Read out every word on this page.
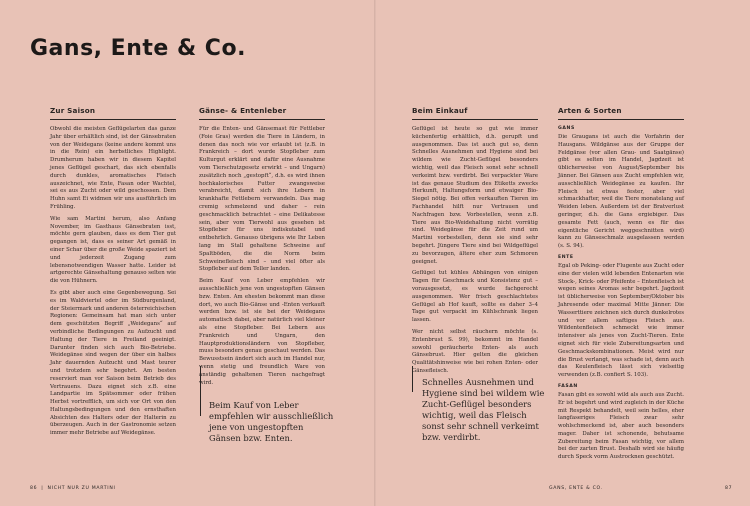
Gans, Ente & Co.
Zur Saison

Obwohl die meisten Geflügelarten das ganze Jahr über erhältlich sind, ist der Gänsebraten von der Weidegans (keine andere kommt uns in die Rein) ein herbstliches Highlight. Drumherum haben wir in diesem Kapitel jenes Geflügel geschart, das sich ebenfalls durch dunkles, aromatisches Fleisch auszeichnet, wie Ente, Fasan oder Wachtel, sei es aus Zucht oder wild geschossen. Dem Huhn samt Ei widmen wir uns ausführlich im Frühling.

Wie sam Martini herum, also Anfang November, im Gasthaus Gänsebraten isst, möchte gern glauben, dass es dem Tier gut gegangen ist, dass es seiner Art gemäß in einer Schar über die große Weide spaziert ist und jederzeit Zugang zum lebensnotwendigen Wasser hatte. Leider ist artgerechte Gänsehaltung genauso selten wie die von Hühnern.

Es gibt aber auch eine Gegenbewegung. Sei es im Waldviertel oder im Südburgenland, der Steiermark und anderen österreichischen Regionen: Gemeinsam hat man sich unter dem geschützten Begriff „Weidegans“ auf verbindliche Bedingungen zu Aufzucht und Haltung der Tiere in Freiland geeinigt. Darunter finden sich auch Bio-Betriebe. Weidegänse sind wegen der über ein halbes Jahr dauernden Aufzucht und Mast teurer und trotzdem sehr begehrt. Am besten reserviert man vor Saison beim Betrieb des Vertrauens. Dazu eignet sich z.B. eine Landpartie im Spätsommer oder frühen Herbst vortrefflich, um sich vor Ort von den Haltungsbedingungen und den ernsthaften Absichten des Halters oder der Halterin zu überzeugen. Auch in der Gastronomie setzen immer mehr Betriebe auf Weidegänse.

Gänse- & Entenleber

Für die Enten- und Gänsemast für Fettleber (Foie Gras) werden die Tiere in Ländern, in denen das noch wie vor erlaubt ist (z.B. in Frankreich – dort wurde Stopfleber zum Kulturgut erklärt und dafür eine Ausnahme vom Tierschutzgesetz erwirkt – und Ungarn) zusätzlich noch „gestopft“, d.h. es wird ihnen hochkalorisches Futter zwangsweise verabreicht, damit sich ihre Lebern in krankhafte Fettlebern verwandeln. Das mag cremig schmelzend und daher – rein geschmacklich betrachtet – eine Delikatesse sein, aber vom Tierwohl aus gesehen ist Stopfleber für uns indiskutabel und entbehrlich. Genauso übrigens wie Ihr Leben lang im Stall gehaltene Schweine auf Spaltböden, die die Norm beim Schweinefleisch sind – und viel öfter als Stopfleber auf dem Teller landen.

Beim Kauf von Leber empfehlen wir ausschließlich jene von ungestopften Gänsen bzw. Enten. Am ehesten bekommt man diese dort, wo auch Bio-Gänse und -Enten verkauft werden bzw. ist sie bei der Weidegans automatisch dabei, aber natürlich viel kleiner als eine Stopfleber. Bei Lebern aus Frankreich und Ungarn, den Hauptproduktionsländern von Stopfleber, muss besonders genau geschaut werden. Das Bewusstsein ändert sich auch im Handel nur, wenn stetig und freundlich Ware von anständig gehaltenen Tieren nachgefragt wird.

Beim Kauf von Leber empfehlen wir ausschließlich jene von ungestopften Gänsen bzw. Enten.
Beim Einkauf

Geflügel ist heute so gut wie immer küchenfertig erhältlich, d.h. gerupft und ausgenommen. Das ist auch gut so, denn Schnelles Ausnehmen und Hygiene sind bei wildem wie Zucht-Geflügel besonders wichtig, weil das Fleisch sonst sehr schnell verkeimt bzw. verdirbt. Bei verpackter Ware ist das genaue Studium des Etiketts zwecks Herkunft, Haltungsform und etwaiger Bio-Siegel nötig. Bei offen verkauften Tieren im Fachhandel hilft nur Vertrauen und Nachfragen bzw. Vorbestellen, wenn z.B. Tiere aus Bio-Weidehaltung nicht vorrätig sind. Weidegänse für die Zeit rund um Martini vorbestellen, denn sie sind sehr begehrt. Jüngere Tiere sind bei Wildgeflügel zu bevorzugen, ältere eher zum Schmoren geeignet.

Geflügel tut kühles Abhängen von einigen Tagen für Geschmack und Konsistenz gut – vorausgesetzt, es wurde fachgerecht ausgenommen. Wer frisch geschlachtetes Geflügel ab Hof kauft, sollte es daher 3–4 Tage gut verpackt im Kühlschrank liegen lassen.

Wer nicht selbst räuchern möchte (s. Entenbrust S. 99), bekommt im Handel sowohl geräucherte Enten- als auch Gänsebrust. Hier gelten die gleichen Qualitätshinweise wie bei rohen Enten- oder Gänsefleisch.

Schnelles Ausnehmen und Hygiene sind bei wildem wie Zucht-Geflügel besonders wichtig, weil das Fleisch sonst sehr schnell verkeimt bzw. verdirbt.
Arten & Sorten
GANS

Die Graugans ist auch die Vorfahrin der Hausgans. Wildgänse aus der Gruppe der Feldgänse (vor allen Grau- und Saatgänse) gibt es selten im Handel, Jagdzeit ist üblicherweise von August/September bis Jänner. Bei Gänsen aus Zucht empfehlen wir, ausschließlich Weidegänse zu kaufen. Ihr Fleisch ist etwas fester, aber viel schmackhafter, weil die Tiere monatelang auf Weiden leben. Außerdem ist der Bratverlust geringer, d.h. die Gans ergiebiger. Das gesamte Fett (auch, wenn es für das eigentliche Gericht weggeschnitten wird) kann zu Gänseschmalz ausgelassen werden (s. S. 94).

ENTE

Egal ob Peking- oder Flugente aus Zucht oder eine der vielen wild lebenden Entenarten wie Stock-, Krick- oder Pfeifente – Entenfleisch ist wegen seines Aromas sehr begehrt. Jagdzeit ist üblicherweise von September/Oktober bis Jahresende oder maximal Mitte Jänner. Die Wasserttiere zeichnen sich durch dunkelrotes und vor allem saftiges Fleisch aus. Wildentenfleisch schmeckt wie immer intensiver als jenes von Zucht-Tieren. Ente eignet sich für viele Zubereitungsarten und Geschmackskombinationen. Meist wird nur die Brust verlangt, was schade ist, denn auch das Keulenfleisch lässt sich vielseitig verwenden (z.B. confiert S. 103).

FASAN

Fasan gibt es sowohl wild als auch aus Zucht. Er ist begehrt und wird zugleich in der Küche mit Respekt behandelt, weil sein helles, eher langfaseriges Fleisch zwar sehr wohlschmeckend ist, aber auch besonders mager. Daher ist schonende, behutsame Zubereitung beim Fasan wichtig, vor allem bei der zarten Brust. Deshalb wird sie häufig durch Speck vorm Austrocknen geschützt.

86 | NICHT NUR ZU MARTINI	GANS, ENTE & CO.	87
